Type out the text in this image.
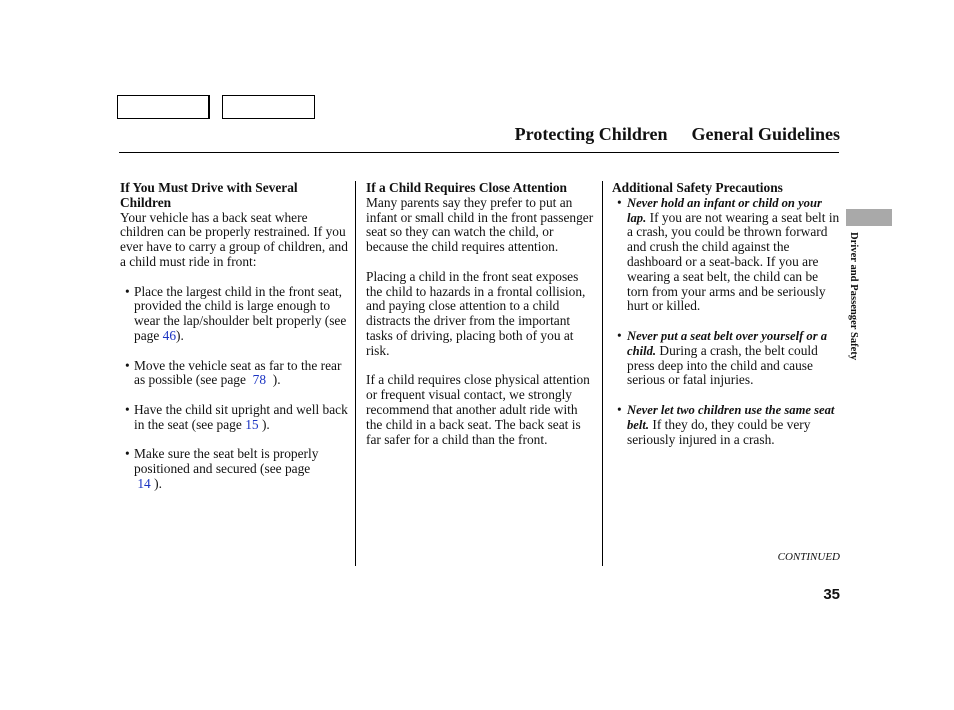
Protecting Children General Guidelines
If You Must Drive with Several Children

Your vehicle has a back seat where children can be properly restrained. If you ever have to carry a group of children, and a child must ride in front:

• Place the largest child in the front seat, provided the child is large enough to wear the lap/shoulder belt properly (see page 46).
• Move the vehicle seat as far to the rear as possible (see page 78 ).
• Have the child sit upright and well back in the seat (see page 15 ).
• Make sure the seat belt is properly positioned and secured (see page
14 ).
If a Child Requires Close Attention

Many parents say they prefer to put an infant or small child in the front passenger seat so they can watch the child, or because the child requires attention.

Placing a child in the front seat exposes the child to hazards in a frontal collision, and paying close attention to a child distracts the driver from the important tasks of driving, placing both of you at risk.

If a child requires close physical attention or frequent visual contact, we strongly recommend that another adult ride with the child in a back seat. The back seat is far safer for a child than the front.

Additional Safety Precautions
• Never hold an infant or child on your lap. If you are not wearing a seat belt in a crash, you could be thrown forward and crush the child against the dashboard or a seat-back. If you are wearing a seat belt, the child can be torn from your arms and be seriously hurt or killed.
• Never put a seat belt over yourself or a child. During a crash, the belt could press deep into the child and cause serious or fatal injuries.
• Never let two children use the same seat belt. If they do, they could be very seriously injured in a crash.
Driver and Passenger Safety
CONTINUED
35
